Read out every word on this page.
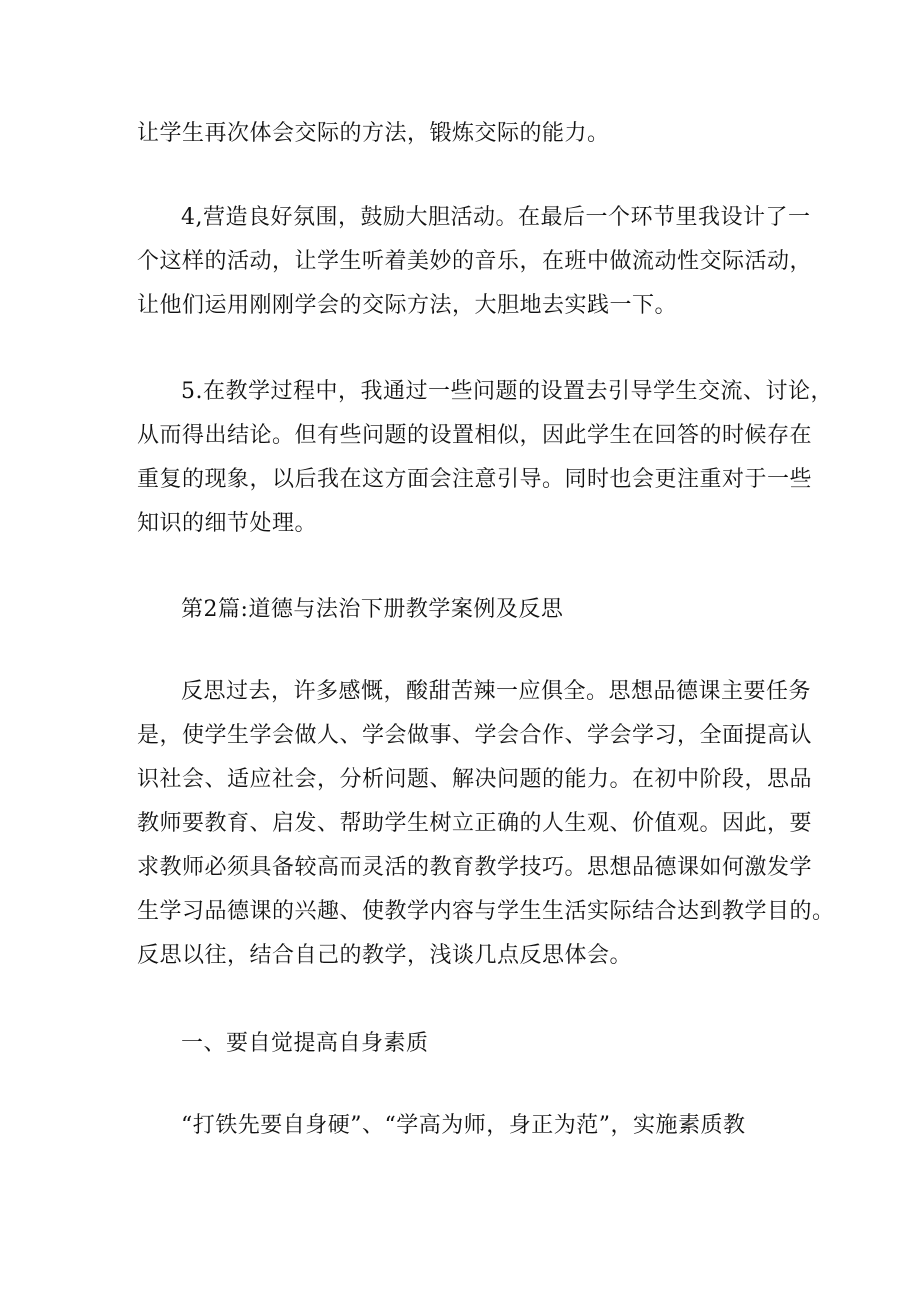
让学生再次体会交际的方法，锻炼交际的能力。

4,营造良好氛围，鼓励大胆活动。在最后一个环节里我设计了一
个这样的活动，让学生听着美妙的音乐，在班中做流动性交际活动，
让他们运用刚刚学会的交际方法，大胆地去实践一下。

5.在教学过程中，我通过一些问题的设置去引导学生交流、讨论，
从而得出结论。但有些问题的设置相似，因此学生在回答的时候存在
重复的现象，以后我在这方面会注意引导。同时也会更注重对于一些
知识的细节处理。

第2篇:道德与法治下册教学案例及反思

反思过去，许多感慨，酸甜苦辣一应俱全。思想品德课主要任务
是，使学生学会做人、学会做事、学会合作、学会学习，全面提高认
识社会、适应社会，分析问题、解决问题的能力。在初中阶段，思品
教师要教育、启发、帮助学生树立正确的人生观、价值观。因此，要
求教师必须具备较高而灵活的教育教学技巧。思想品德课如何激发学
生学习品德课的兴趣、使教学内容与学生生活实际结合达到教学目的。
反思以往，结合自己的教学，浅谈几点反思体会。

一、要自觉提高自身素质

“打铁先要自身硬”、“学高为师，身正为范”，实施素质教
